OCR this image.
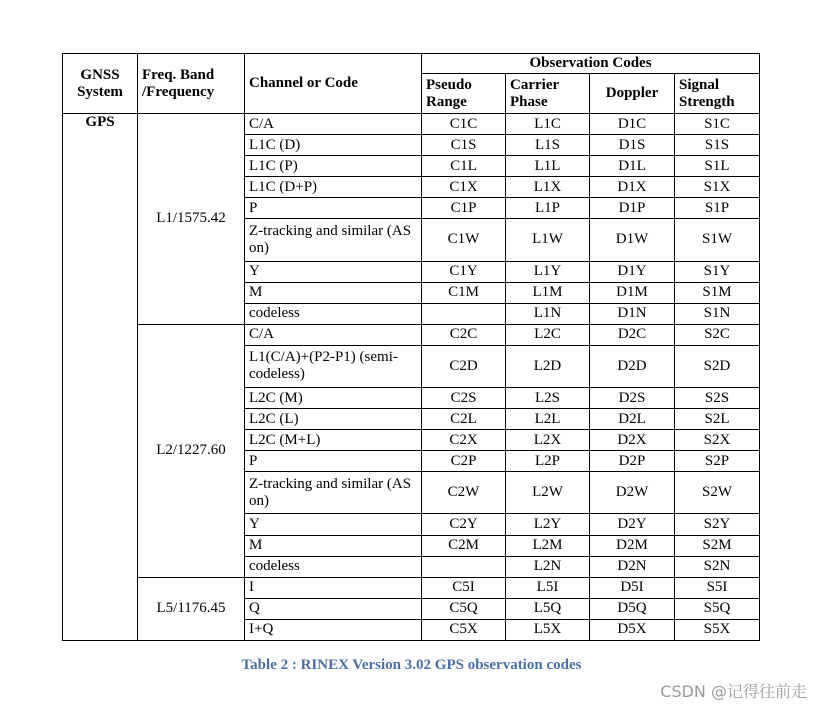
GNSS System	Freq. Band /Frequency	Channel or Code	Observation Codes			
			Pseudo Range	Carrier Phase	Doppler	Signal Strength
GPS	L1/1575.42	C/A	C1C	L1C	D1C	S1C
		L1C (D)	C1S	L1S	D1S	S1S
		L1C (P)	C1L	L1L	D1L	S1L
		L1C (D+P)	C1X	L1X	D1X	S1X
		P	C1P	L1P	D1P	S1P
		Z-tracking and similar (AS on)	C1W	L1W	D1W	S1W
		Y	C1Y	L1Y	D1Y	S1Y
		M	C1M	L1M	D1M	S1M
		codeless		L1N	D1N	S1N
	L2/1227.60	C/A	C2C	L2C	D2C	S2C
		L1(C/A)+(P2-P1) (semi-codeless)	C2D	L2D	D2D	S2D
		L2C (M)	C2S	L2S	D2S	S2S
		L2C (L)	C2L	L2L	D2L	S2L
		L2C (M+L)	C2X	L2X	D2X	S2X
		P	C2P	L2P	D2P	S2P
		Z-tracking and similar (AS on)	C2W	L2W	D2W	S2W
		Y	C2Y	L2Y	D2Y	S2Y
		M	C2M	L2M	D2M	S2M
		codeless		L2N	D2N	S2N
	L5/1176.45	I	C5I	L5I	D5I	S5I
		Q	C5Q	L5Q	D5Q	S5Q
		I+Q	C5X	L5X	D5X	S5X
Table 2 : RINEX Version 3.02 GPS observation codes
CSDN @记得往前走
